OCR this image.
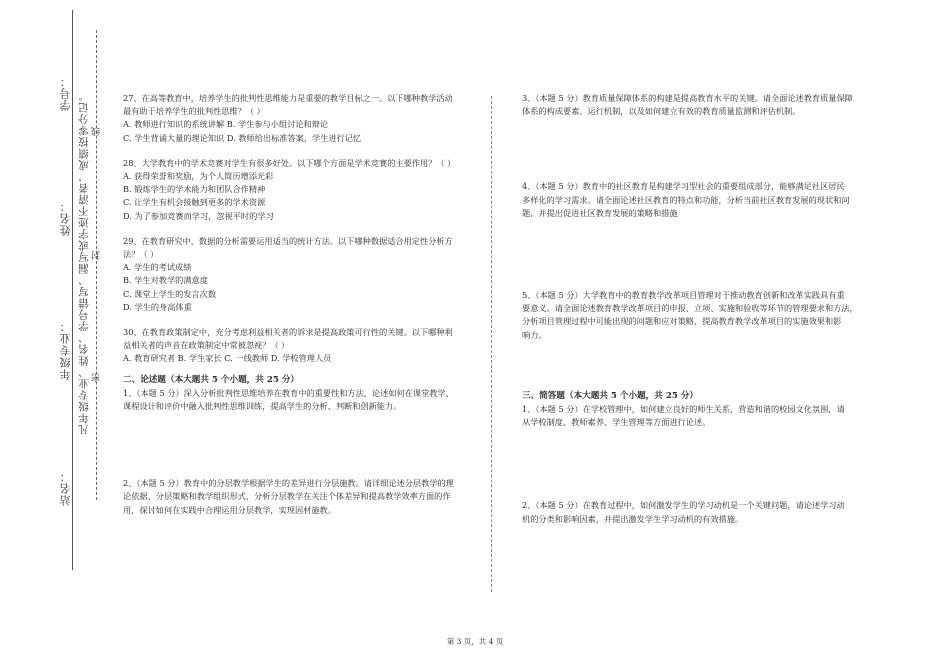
学号：
姓名：
年级专业：
站名：
凡年级专业、姓名、学号错写、漏写或字迹不清者，成绩按零分记。 密
封
线

27、在高等教育中，培养学生的批判性思维能力是重要的教学目标之一。以下哪种教学活动

最有助于培养学生的批判性思维？（ ）

A. 教师进行知识的系统讲解 B. 学生参与小组讨论和辩论

C. 学生背诵大量的理论知识 D. 教师给出标准答案，学生进行记忆

28、大学教育中的学术竞赛对学生有很多好处。以下哪个方面是学术竞赛的主要作用？（ ）

A. 获得荣誉和奖励，为个人简历增添光彩

B. 锻炼学生的学术能力和团队合作精神

C. 让学生有机会接触到更多的学术资源

D. 为了参加竞赛而学习，忽视平时的学习

29、在教育研究中，数据的分析需要运用适当的统计方法。以下哪种数据适合用定性分析方

法？（ ）

A. 学生的考试成绩

B. 学生对教学的满意度

C. 课堂上学生的发言次数

D. 学生的身高体重

30、在教育政策制定中，充分考虑利益相关者的诉求是提高政策可行性的关键。以下哪种利

益相关者的声音在政策制定中常被忽视？（ ）

A. 教育研究者 B. 学生家长 C. 一线教师 D. 学校管理人员

二、论述题（本大题共 5 个小题，共 25 分）

1、（本题 5 分）深入分析批判性思维培养在教育中的重要性和方法，论述如何在课堂教学、

课程设计和评价中融入批判性思维训练，提高学生的分析、判断和创新能力。

2、（本题 5 分）教育中的分层教学根据学生的差异进行分层施教。请详细论述分层教学的理

论依据、分层策略和教学组织形式，分析分层教学在关注个体差异和提高教学效率方面的作

用，探讨如何在实践中合理运用分层教学，实现因材施教。

3、（本题 5 分）教育质量保障体系的构建是提高教育水平的关键。请全面论述教育质量保障

体系的构成要素、运行机制，以及如何建立有效的教育质量监测和评估机制。

4、（本题 5 分）教育中的社区教育是构建学习型社会的重要组成部分，能够满足社区居民

多样化的学习需求。请全面论述社区教育的特点和功能，分析当前社区教育发展的现状和问

题，并提出促进社区教育发展的策略和措施

5、（本题 5 分）大学教育中的教育教学改革项目管理对于推动教育创新和改革实践具有重

要意义。请全面论述教育教学改革项目的申报、立项、实施和验收等环节的管理要求和方法，

分析项目管理过程中可能出现的问题和应对策略，提高教育教学改革项目的实施效果和影

响力。

三、简答题（本大题共 5 个小题，共 25 分）

1、（本题 5 分）在学校管理中，如何建立良好的师生关系，营造和谐的校园文化氛围，请

从学校制度、教师素养、学生管理等方面进行论述。

2、（本题 5 分）在教育过程中，如何激发学生的学习动机是一个关键问题，请论述学习动

机的分类和影响因素，并提出激发学生学习动机的有效措施。

第 3 页，共 4 页
